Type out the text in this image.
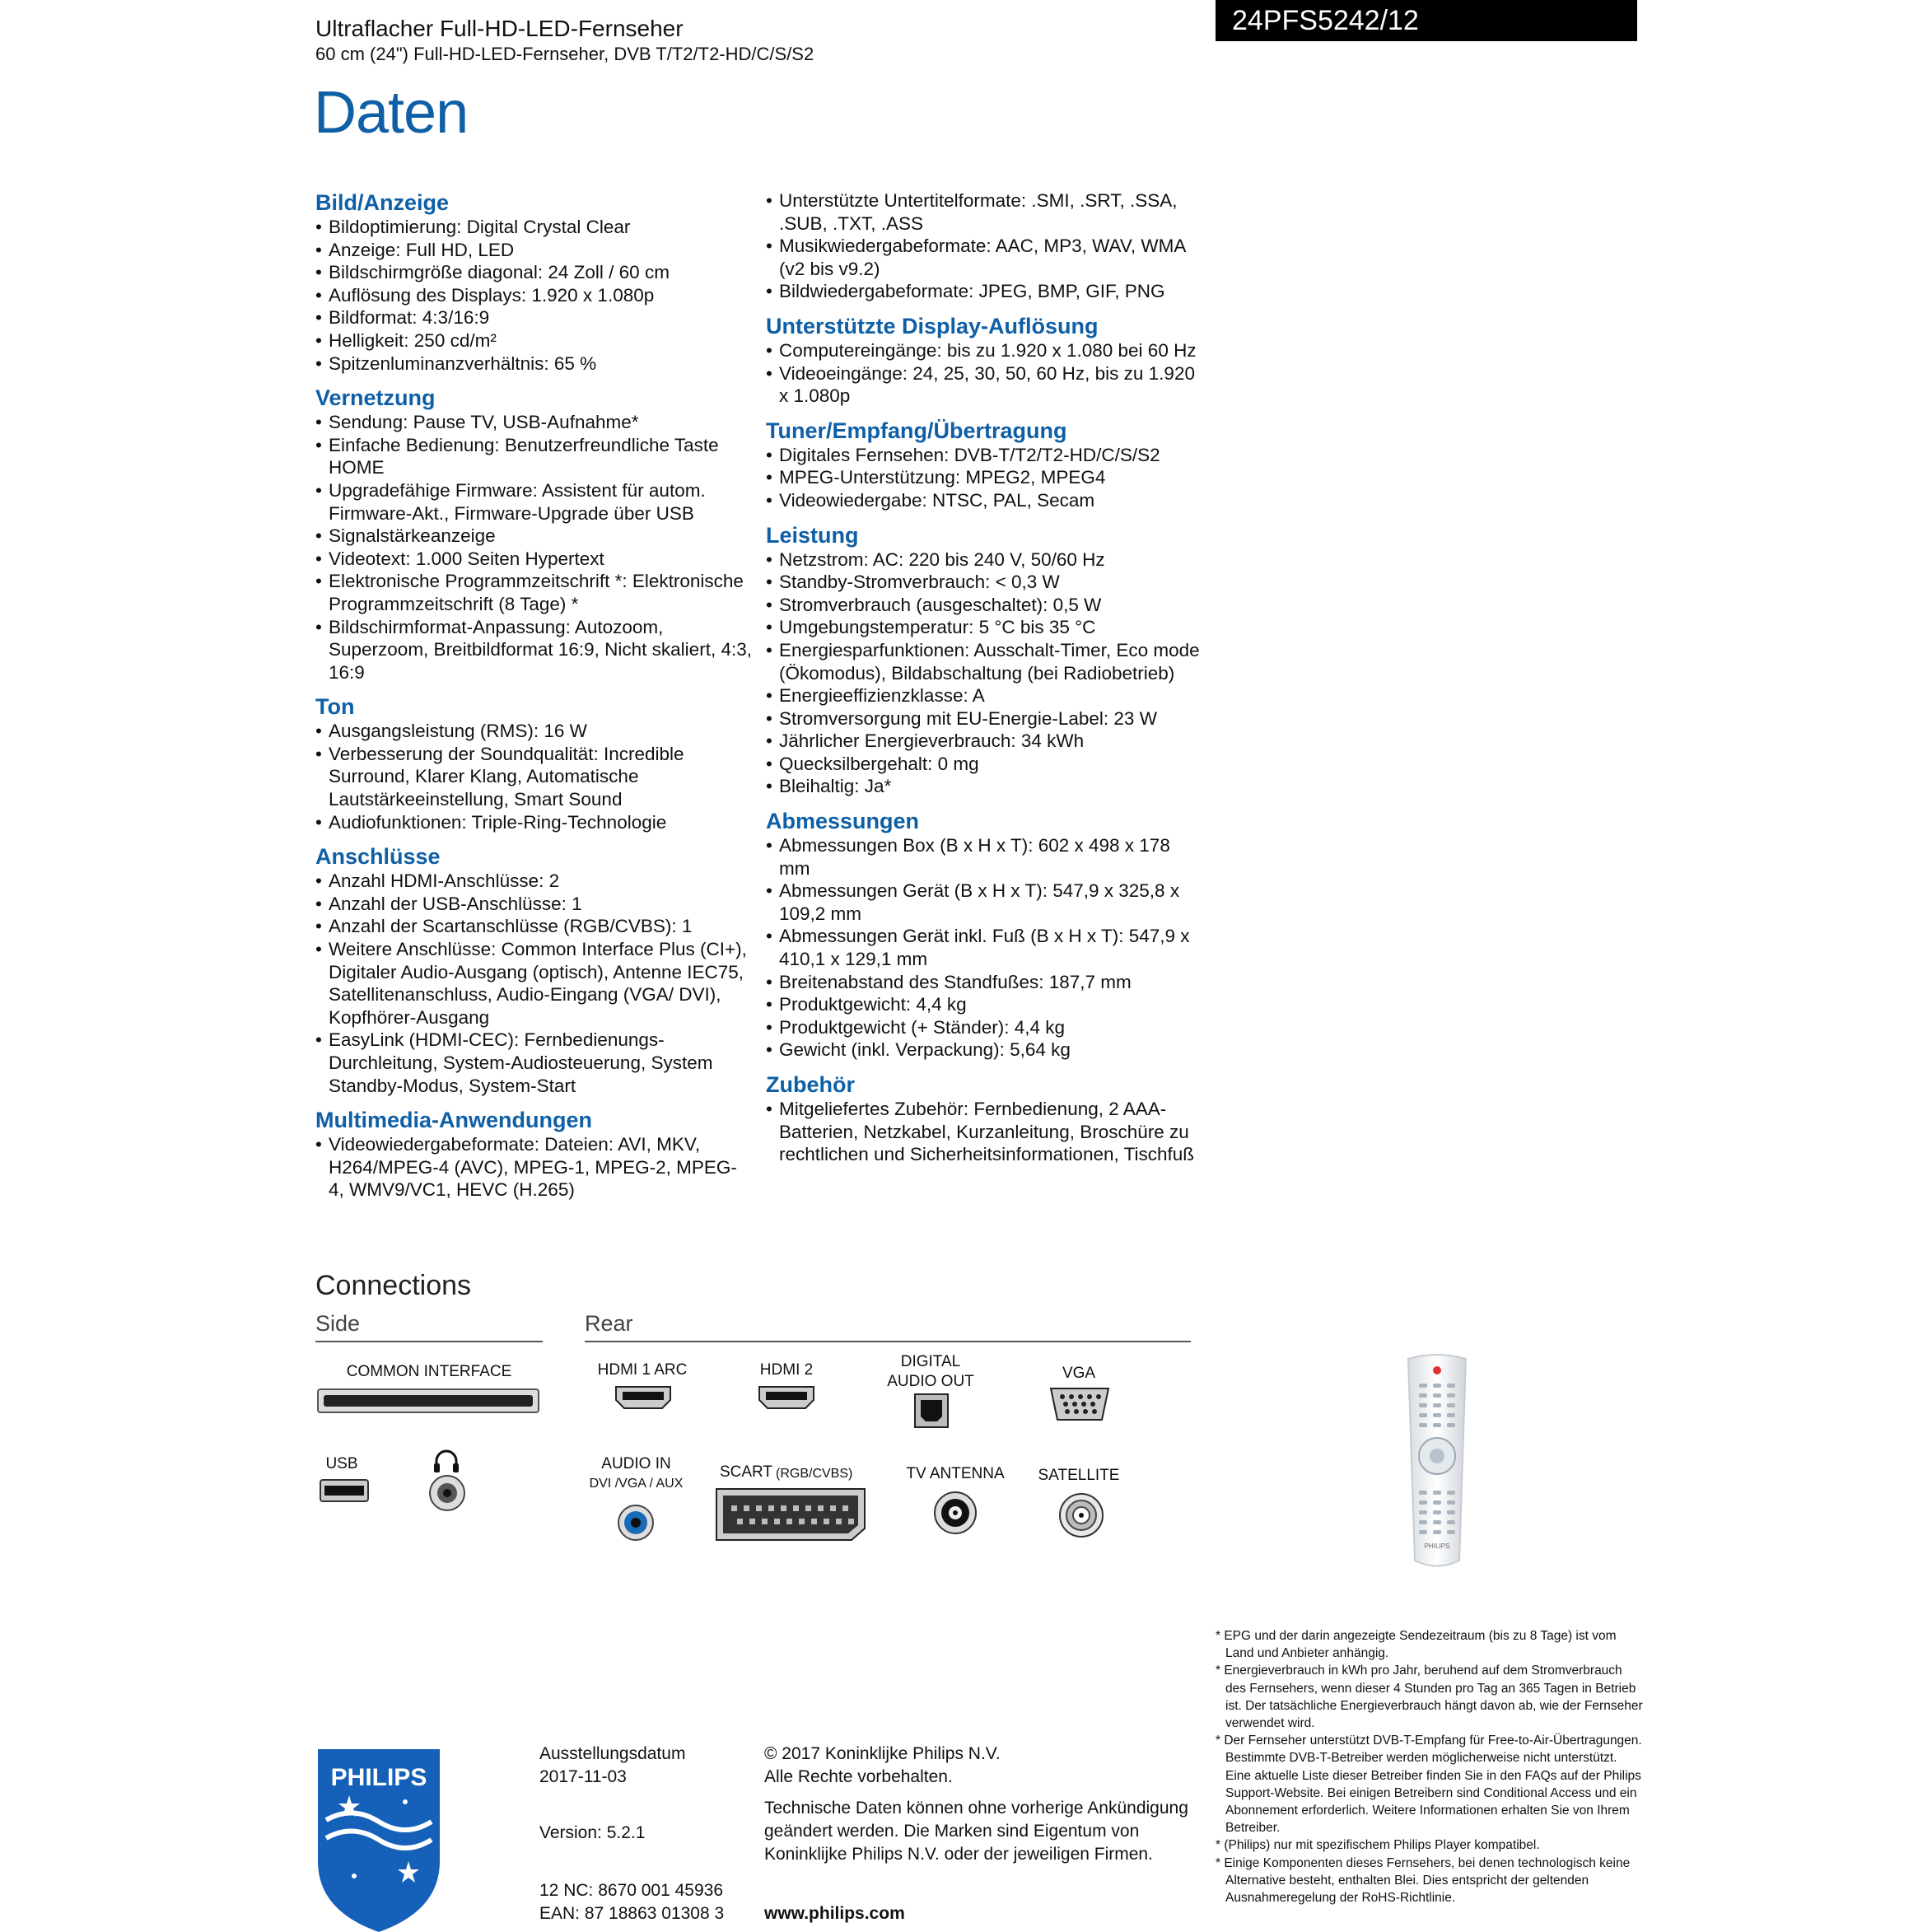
Ultraflacher Full-HD-LED-Fernseher
60 cm (24") Full-HD-LED-Fernseher, DVB T/T2/T2-HD/C/S/S2
24PFS5242/12
Daten
Bild/Anzeige
• Bildoptimierung: Digital Crystal Clear
• Anzeige: Full HD, LED
• Bildschirmgröße diagonal: 24 Zoll / 60 cm
• Auflösung des Displays: 1.920 x 1.080p
• Bildformat: 4:3/16:9
• Helligkeit: 250 cd/m²
• Spitzenluminanzverhältnis: 65 %
Vernetzung
• Sendung: Pause TV, USB-Aufnahme*
• Einfache Bedienung: Benutzerfreundliche Taste HOME
• Upgradefähige Firmware: Assistent für autom. Firmware-Akt., Firmware-Upgrade über USB
• Signalstärkeanzeige
• Videotext: 1.000 Seiten Hypertext
• Elektronische Programmzeitschrift *: Elektronische Programmzeitschrift (8 Tage) *
• Bildschirmformat-Anpassung: Autozoom, Superzoom, Breitbildformat 16:9, Nicht skaliert, 4:3, 16:9
Ton
• Ausgangsleistung (RMS): 16 W
• Verbesserung der Soundqualität: Incredible Surround, Klarer Klang, Automatische Lautstärkeeinstellung, Smart Sound
• Audiofunktionen: Triple-Ring-Technologie
Anschlüsse
• Anzahl HDMI-Anschlüsse: 2
• Anzahl der USB-Anschlüsse: 1
• Anzahl der Scartanschlüsse (RGB/CVBS): 1
• Weitere Anschlüsse: Common Interface Plus (CI+), Digitaler Audio-Ausgang (optisch), Antenne IEC75, Satellitenanschluss, Audio-Eingang (VGA/ DVI), Kopfhörer-Ausgang
• EasyLink (HDMI-CEC): Fernbedienungs-Durchleitung, System-Audiosteuerung, System Standby-Modus, System-Start
Multimedia-Anwendungen
• Videowiedergabeformate: Dateien: AVI, MKV, H264/MPEG-4 (AVC), MPEG-1, MPEG-2, MPEG-4, WMV9/VC1, HEVC (H.265)
• Unterstützte Untertitelformate: .SMI, .SRT, .SSA, .SUB, .TXT, .ASS
• Musikwiedergabeformate: AAC, MP3, WAV, WMA (v2 bis v9.2)
• Bildwiedergabeformate: JPEG, BMP, GIF, PNG
Unterstützte Display-Auflösung
• Computereingänge: bis zu 1.920 x 1.080 bei 60 Hz
• Videoeingänge: 24, 25, 30, 50, 60 Hz, bis zu 1.920 x 1.080p
Tuner/Empfang/Übertragung
• Digitales Fernsehen: DVB-T/T2/T2-HD/C/S/S2
• MPEG-Unterstützung: MPEG2, MPEG4
• Videowiedergabe: NTSC, PAL, Secam
Leistung
• Netzstrom: AC: 220 bis 240 V, 50/60 Hz
• Standby-Stromverbrauch: < 0,3 W
• Stromverbrauch (ausgeschaltet): 0,5 W
• Umgebungstemperatur: 5 °C bis 35 °C
• Energiesparfunktionen: Ausschalt-Timer, Eco mode (Ökomodus), Bildabschaltung (bei Radiobetrieb)
• Energieeffizienzklasse: A
• Stromversorgung mit EU-Energie-Label: 23 W
• Jährlicher Energieverbrauch: 34 kWh
• Quecksilbergehalt: 0 mg
• Bleihaltig: Ja*
Abmessungen
• Abmessungen Box (B x H x T): 602 x 498 x 178 mm
• Abmessungen Gerät (B x H x T): 547,9 x 325,8 x 109,2 mm
• Abmessungen Gerät inkl. Fuß (B x H x T): 547,9 x 410,1 x 129,1 mm
• Breitenabstand des Standfußes: 187,7 mm
• Produktgewicht: 4,4 kg
• Produktgewicht (+ Ständer): 4,4 kg
• Gewicht (inkl. Verpackung): 5,64 kg
Zubehör
• Mitgeliefertes Zubehör: Fernbedienung, 2 AAA-Batterien, Netzkabel, Kurzanleitung, Broschüre zu rechtlichen und Sicherheitsinformationen, Tischfuß
Connections
Side	Rear
COMMON INTERFACE
USB
HDMI 1 ARC	HDMI 2	DIGITAL
AUDIO OUT	VGA
AUDIO IN
DVI /VGA / AUX
SCART (RGB/CVBS)	TV ANTENNA	SATELLITE
PHILIPS

* EPG und der darin angezeigte Sendezeitraum (bis zu 8 Tage) ist vom Land und Anbieter anhängig.

* Energieverbrauch in kWh pro Jahr, beruhend auf dem Stromverbrauch des Fernsehers, wenn dieser 4 Stunden pro Tag an 365 Tagen in Betrieb ist. Der tatsächliche Energieverbrauch hängt davon ab, wie der Fernseher verwendet wird.

* Der Fernseher unterstützt DVB-T-Empfang für Free-to-Air-Übertragungen. Bestimmte DVB-T-Betreiber werden möglicherweise nicht unterstützt. Eine aktuelle Liste dieser Betreiber finden Sie in den FAQs auf der Philips Support-Website. Bei einigen Betreibern sind Conditional Access und ein Abonnement erforderlich. Weitere Informationen erhalten Sie von Ihrem Betreiber.

* (Philips) nur mit spezifischem Philips Player kompatibel.

* Einige Komponenten dieses Fernsehers, bei denen technologisch keine Alternative besteht, enthalten Blei. Dies entspricht der geltenden Ausnahmeregelung der RoHS-Richtlinie.

PHILIPS
Ausstellungsdatum
2017-11-03
Version: 5.2.1
12 NC: 8670 001 45936
EAN: 87 18863 01308 3
© 2017 Koninklijke Philips N.V.
Alle Rechte vorbehalten.
Technische Daten können ohne vorherige Ankündigung geändert werden. Die Marken sind Eigentum von Koninklijke Philips N.V. oder der jeweiligen Firmen.
www.philips.com
